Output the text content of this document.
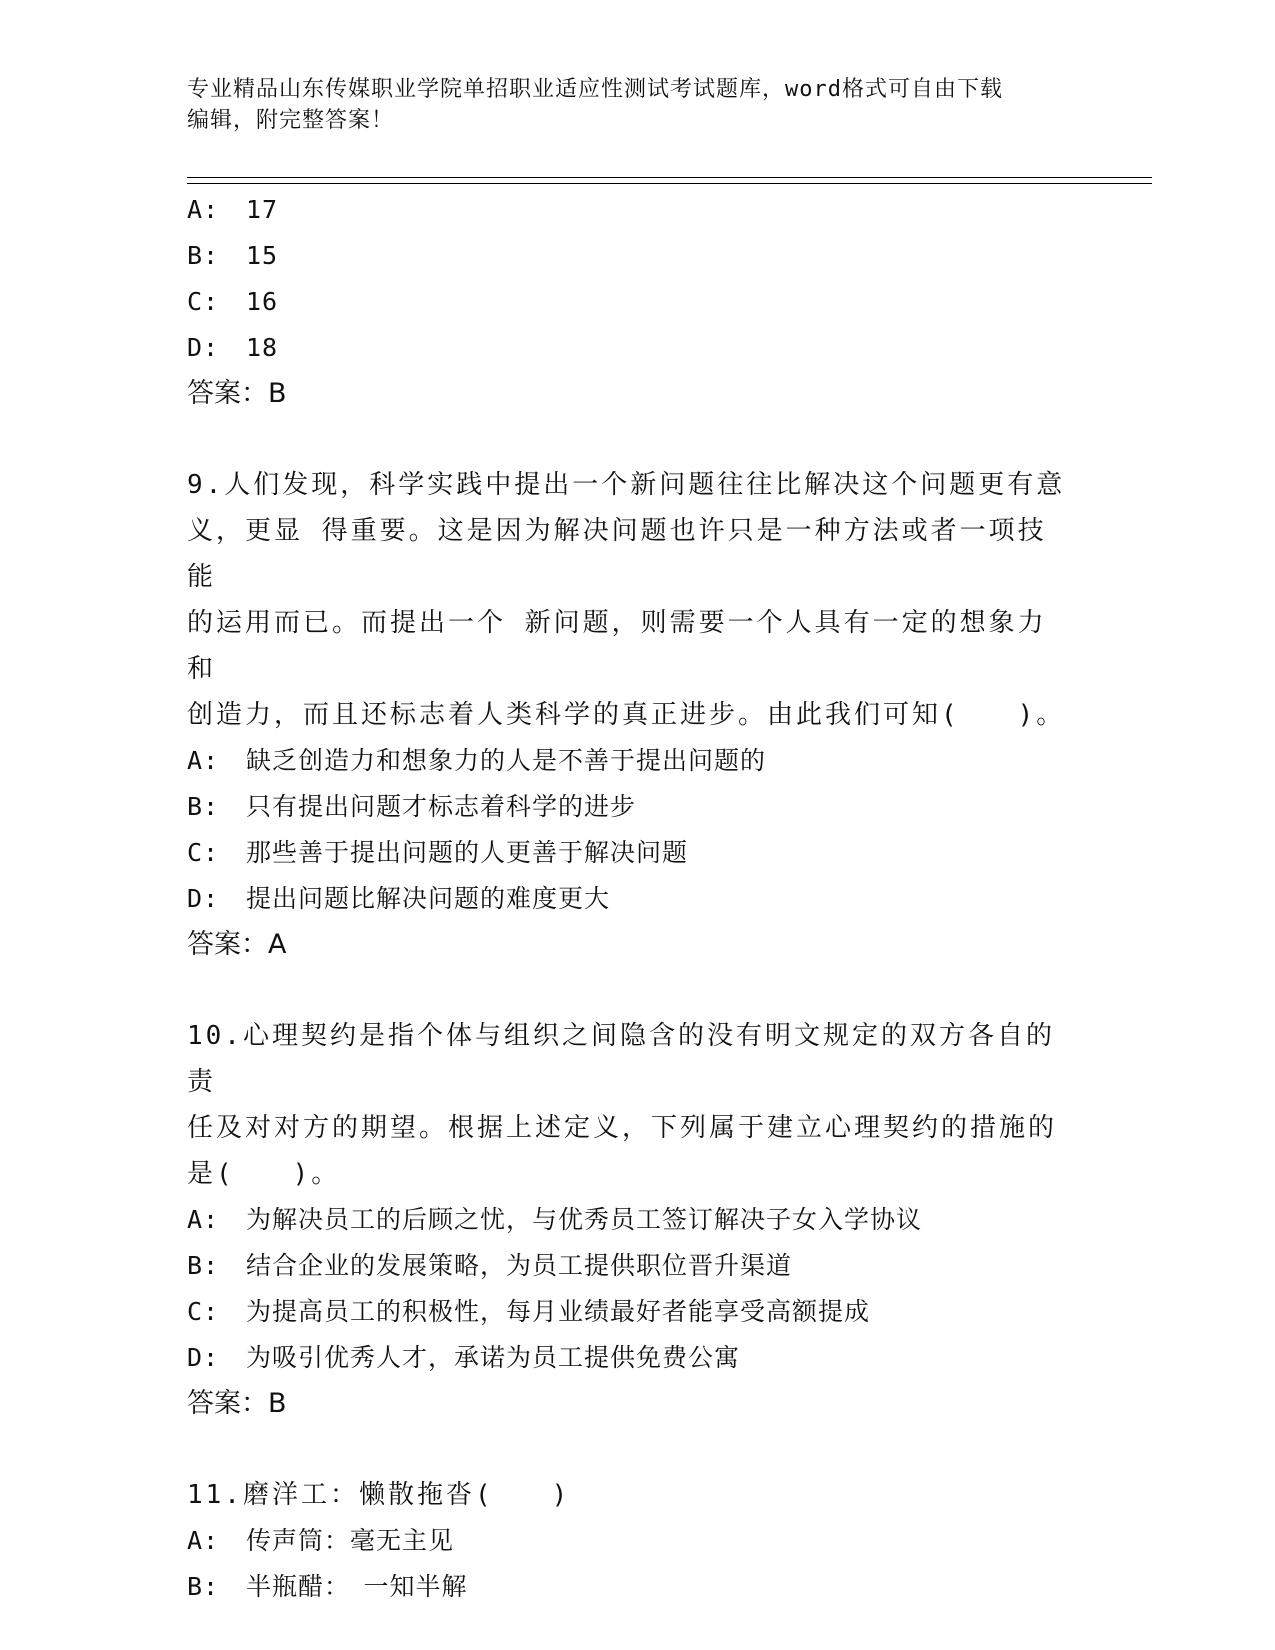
专业精品山东传媒职业学院单招职业适应性测试考试题库，word格式可自由下载
编辑，附完整答案！
A:	17
B:	15
C:	16
D:	18
答案：B
9.人们发现，科学实践中提出一个新问题往往比解决这个问题更有意
义，更显 得重要。这是因为解决问题也许只是一种方法或者一项技能
的运用而已。而提出一个 新问题，则需要一个人具有一定的想象力和
创造力，而且还标志着人类科学的真正进步。由此我们可知(　　)。
A:	缺乏创造力和想象力的人是不善于提出问题的
B:	只有提出问题才标志着科学的进步
C:	那些善于提出问题的人更善于解决问题
D:	提出问题比解决问题的难度更大
答案：A
10.心理契约是指个体与组织之间隐含的没有明文规定的双方各自的责
任及对对方的期望。根据上述定义，下列属于建立心理契约的措施的
是(　　)。
A:	为解决员工的后顾之忧，与优秀员工签订解决子女入学协议
B:	结合企业的发展策略，为员工提供职位晋升渠道
C:	为提高员工的积极性，每月业绩最好者能享受高额提成
D:	为吸引优秀人才，承诺为员工提供免费公寓
答案：B
11.磨洋工：懒散拖沓(　　)
A:	传声筒：毫无主见
B:	半瓶醋：　一知半解
